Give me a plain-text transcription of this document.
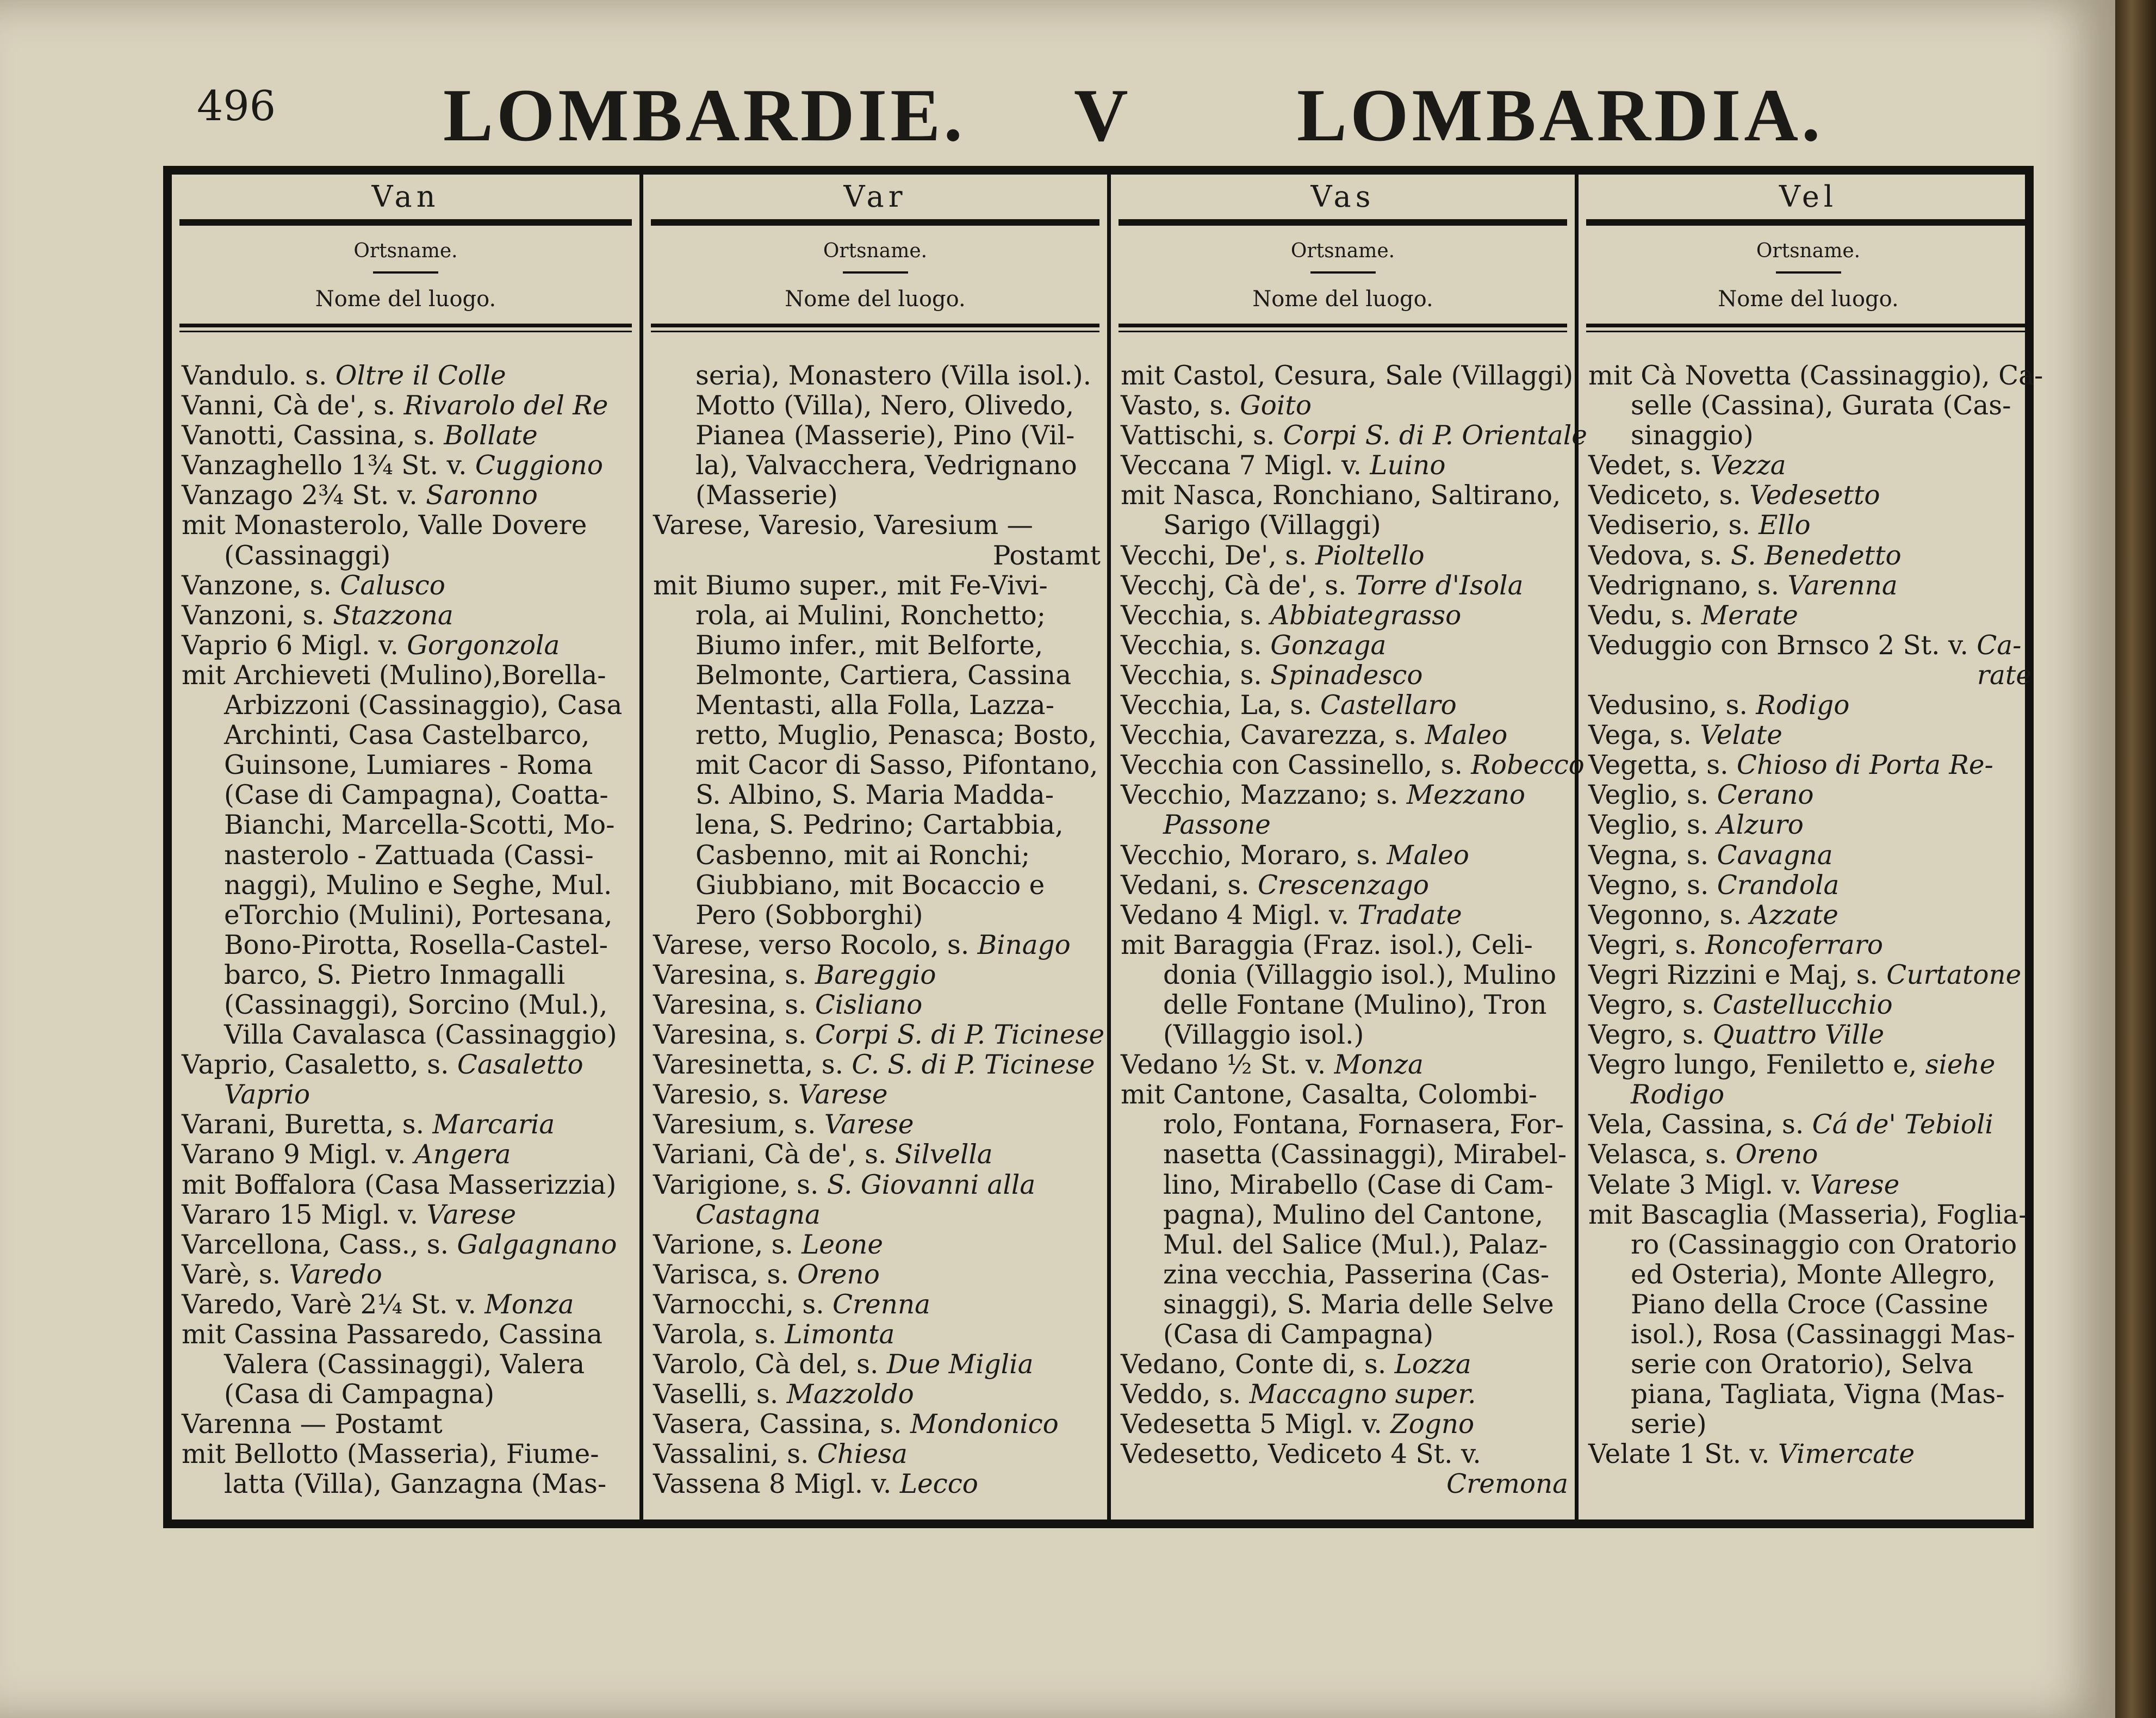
496 LOMBARDIE. V LOMBARDIA.
Van
Ortsname.
Nome del luogo.
Vandulo. s. Oltre il Colle
Vanni, Cà de', s. Rivarolo del Re
Vanotti, Cassina, s. Bollate
Vanzaghello 1¾ St. v. Cuggiono
Vanzago 2¾ St. v. Saronno
mit Monasterolo, Valle Dovere
(Cassinaggi)
Vanzone, s. Calusco
Vanzoni, s. Stazzona
Vaprio 6 Migl. v. Gorgonzola
mit Archieveti (Mulino),Borella-
Arbizzoni (Cassinaggio), Casa
Archinti, Casa Castelbarco,
Guinsone, Lumiares - Roma
(Case di Campagna), Coatta-
Bianchi, Marcella-Scotti, Mo-
nasterolo - Zattuada (Cassi-
naggi), Mulino e Seghe, Mul.
eTorchio (Mulini), Portesana,
Bono-Pirotta, Rosella-Castel-
barco, S. Pietro Inmagalli
(Cassinaggi), Sorcino (Mul.),
Villa Cavalasca (Cassinaggio)
Vaprio, Casaletto, s. Casaletto
Vaprio
Varani, Buretta, s. Marcaria
Varano 9 Migl. v. Angera
mit Boffalora (Casa Masserizzia)
Vararo 15 Migl. v. Varese
Varcellona, Cass., s. Galgagnano
Varè, s. Varedo
Varedo, Varè 2¼ St. v. Monza
mit Cassina Passaredo, Cassina
Valera (Cassinaggi), Valera
(Casa di Campagna)
Varenna — Postamt
mit Bellotto (Masseria), Fiume-
latta (Villa), Ganzagna (Mas-
Var
Ortsname.
Nome del luogo.
seria), Monastero (Villa isol.).
Motto (Villa), Nero, Olivedo,
Pianea (Masserie), Pino (Vil-
la), Valvacchera, Vedrignano
(Masserie)
Varese, Varesio, Varesium —
Postamt
mit Biumo super., mit Fe-Vivi-
rola, ai Mulini, Ronchetto;
Biumo infer., mit Belforte,
Belmonte, Cartiera, Cassina
Mentasti, alla Folla, Lazza-
retto, Muglio, Penasca; Bosto,
mit Cacor di Sasso, Pifontano,
S. Albino, S. Maria Madda-
lena, S. Pedrino; Cartabbia,
Casbenno, mit ai Ronchi;
Giubbiano, mit Bocaccio e
Pero (Sobborghi)
Varese, verso Rocolo, s. Binago
Varesina, s. Bareggio
Varesina, s. Cisliano
Varesina, s. Corpi S. di P. Ticinese
Varesinetta, s. C. S. di P. Ticinese
Varesio, s. Varese
Varesium, s. Varese
Variani, Cà de', s. Silvella
Varigione, s. S. Giovanni alla
Castagna
Varione, s. Leone
Varisca, s. Oreno
Varnocchi, s. Crenna
Varola, s. Limonta
Varolo, Cà del, s. Due Miglia
Vaselli, s. Mazzoldo
Vasera, Cassina, s. Mondonico
Vassalini, s. Chiesa
Vassena 8 Migl. v. Lecco
Vas
Ortsname.
Nome del luogo.
mit Castol, Cesura, Sale (Villaggi)
Vasto, s. Goito
Vattischi, s. Corpi S. di P. Orientale
Veccana 7 Migl. v. Luino
mit Nasca, Ronchiano, Saltirano,
Sarigo (Villaggi)
Vecchi, De', s. Pioltello
Vecchj, Cà de', s. Torre d'Isola
Vecchia, s. Abbiategrasso
Vecchia, s. Gonzaga
Vecchia, s. Spinadesco
Vecchia, La, s. Castellaro
Vecchia, Cavarezza, s. Maleo
Vecchia con Cassinello, s. Robecco
Vecchio, Mazzano; s. Mezzano
Passone
Vecchio, Moraro, s. Maleo
Vedani, s. Crescenzago
Vedano 4 Migl. v. Tradate
mit Baraggia (Fraz. isol.), Celi-
donia (Villaggio isol.), Mulino
delle Fontane (Mulino), Tron
(Villaggio isol.)
Vedano ½ St. v. Monza
mit Cantone, Casalta, Colombi-
rolo, Fontana, Fornasera, For-
nasetta (Cassinaggi), Mirabel-
lino, Mirabello (Case di Cam-
pagna), Mulino del Cantone,
Mul. del Salice (Mul.), Palaz-
zina vecchia, Passerina (Cas-
sinaggi), S. Maria delle Selve
(Casa di Campagna)
Vedano, Conte di, s. Lozza
Veddo, s. Maccagno super.
Vedesetta 5 Migl. v. Zogno
Vedesetto, Vediceto 4 St. v.
Cremona
Vel
Ortsname.
Nome del luogo.
mit Cà Novetta (Cassinaggio), Ca-
selle (Cassina), Gurata (Cas-
sinaggio)
Vedet, s. Vezza
Vediceto, s. Vedesetto
Vediserio, s. Ello
Vedova, s. S. Benedetto
Vedrignano, s. Varenna
Vedu, s. Merate
Veduggio con Brnsco 2 St. v. Ca-
rate
Vedusino, s. Rodigo
Vega, s. Velate
Vegetta, s. Chioso di Porta Re-
Veglio, s. Cerano
Veglio, s. Alzuro
Vegna, s. Cavagna
Vegno, s. Crandola
Vegonno, s. Azzate
Vegri, s. Roncoferraro
Vegri Rizzini e Maj, s. Curtatone
Vegro, s. Castellucchio
Vegro, s. Quattro Ville
Vegro lungo, Feniletto e, siehe
Rodigo
Vela, Cassina, s. Cá de' Tebioli
Velasca, s. Oreno
Velate 3 Migl. v. Varese
mit Bascaglia (Masseria), Fogliа-
ro (Cassinaggio con Oratorio
ed Osteria), Monte Allegro,
Piano della Croce (Cassine
isol.), Rosa (Cassinaggi Mas-
serie con Oratorio), Selva
piana, Tagliata, Vigna (Mas-
serie)
Velate 1 St. v. Vimercate
